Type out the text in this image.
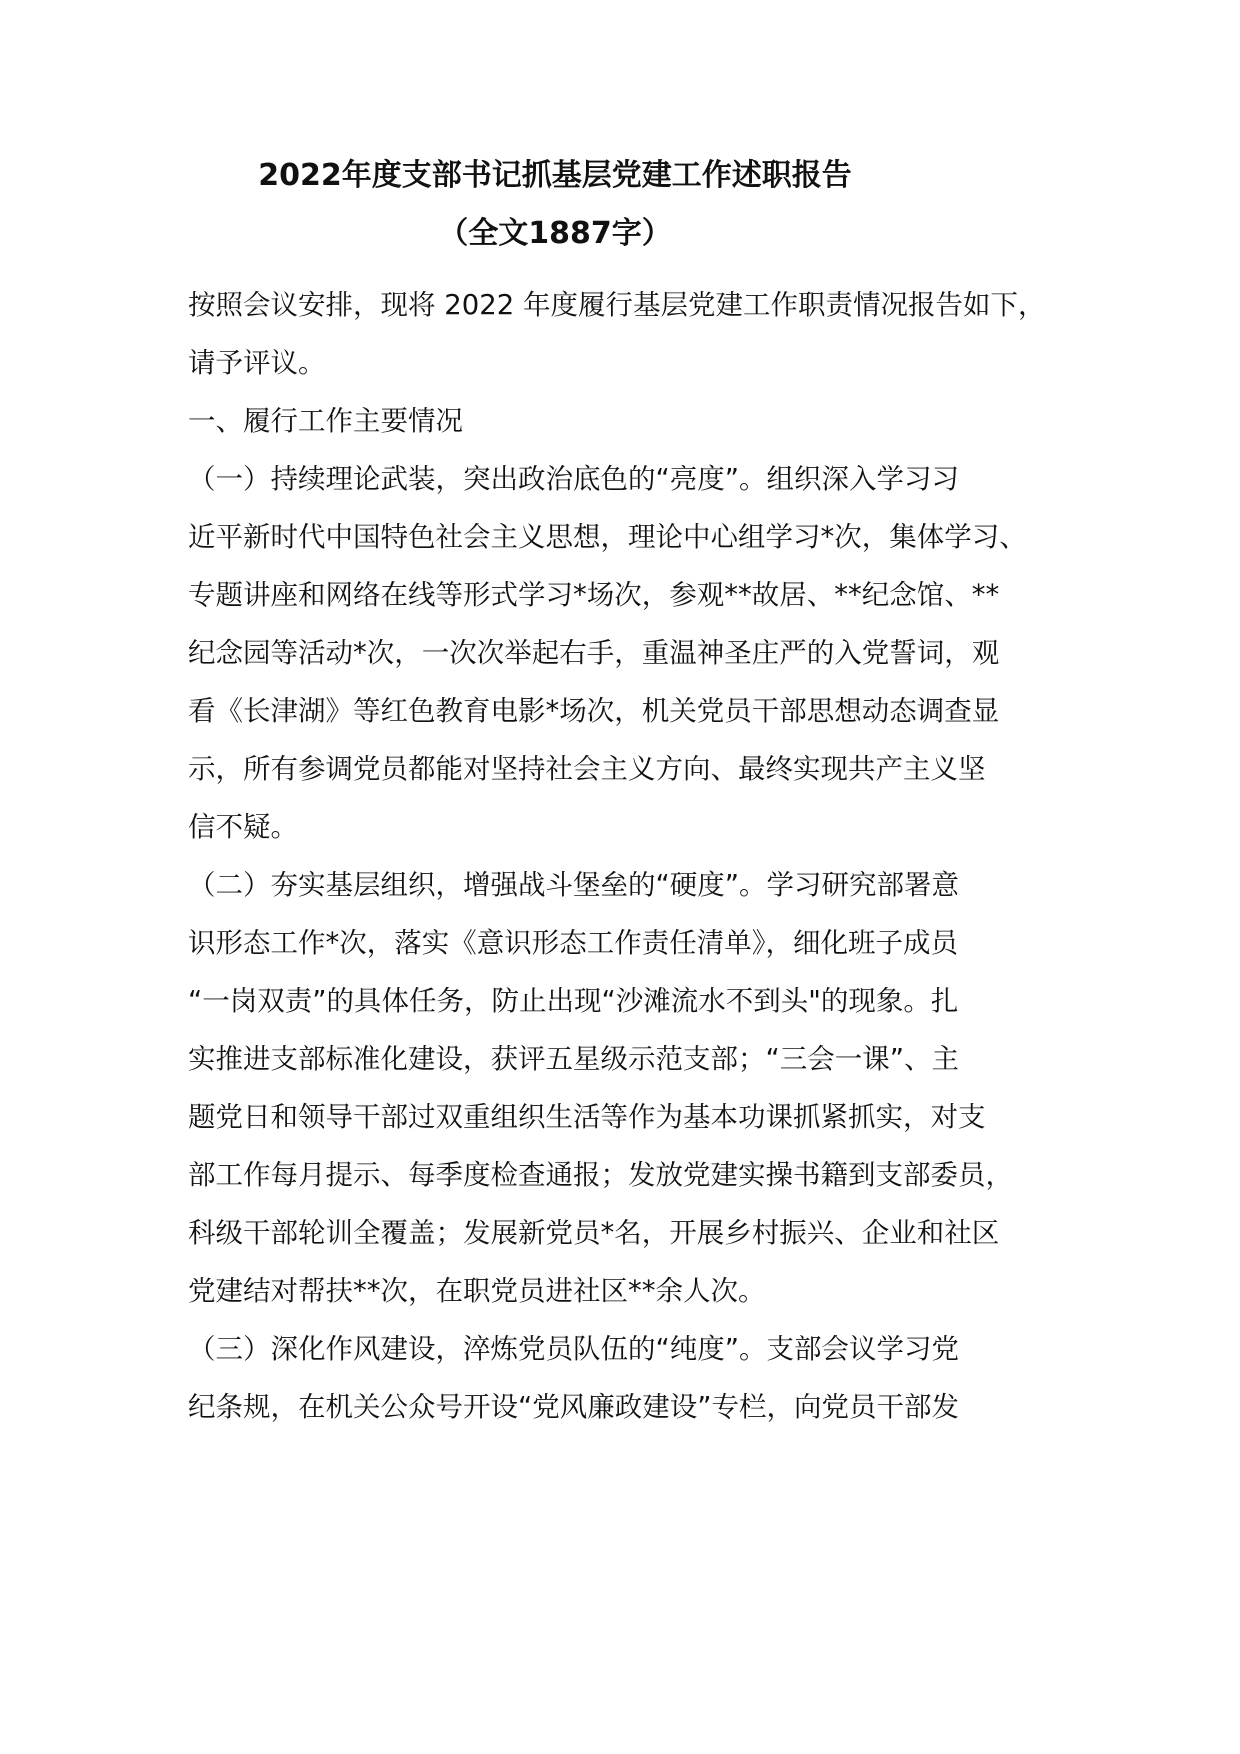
2022年度支部书记抓基层党建工作述职报告
（全文1887字）

按照会议安排，现将 2022 年度履行基层党建工作职责情况报告如下，

请予评议。

一、履行工作主要情况

（一）持续理论武装，突出政治底色的“亮度”。组织深入学习习

近平新时代中国特色社会主义思想，理论中心组学习*次，集体学习、

专题讲座和网络在线等形式学习*场次，参观**故居、**纪念馆、**

纪念园等活动*次，一次次举起右手，重温神圣庄严的入党誓词，观

看《长津湖》等红色教育电影*场次，机关党员干部思想动态调查显

示，所有参调党员都能对坚持社会主义方向、最终实现共产主义坚

信不疑。

（二）夯实基层组织，增强战斗堡垒的“硬度”。学习研究部署意

识形态工作*次，落实《意识形态工作责任清单》，细化班子成员

“一岗双责”的具体任务，防止出现“沙滩流水不到头"的现象。扎

实推进支部标准化建设，获评五星级示范支部；“三会一课”、主

题党日和领导干部过双重组织生活等作为基本功课抓紧抓实，对支

部工作每月提示、每季度检查通报；发放党建实操书籍到支部委员，

科级干部轮训全覆盖；发展新党员*名，开展乡村振兴、企业和社区

党建结对帮扶**次，在职党员进社区**余人次。

（三）深化作风建设，淬炼党员队伍的“纯度”。支部会议学习党

纪条规，在机关公众号开设“党风廉政建设”专栏，向党员干部发
